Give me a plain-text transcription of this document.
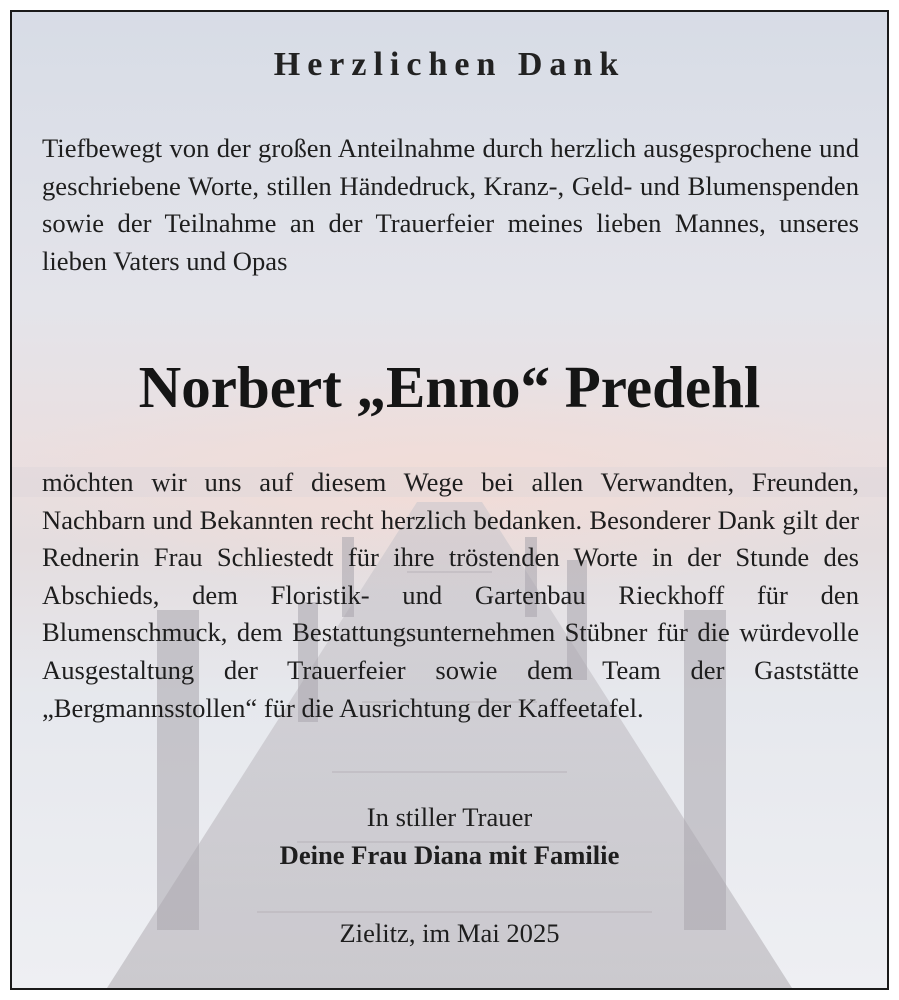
Herzlichen Dank
Tiefbewegt von der großen Anteilnahme durch herzlich ausgesprochene und geschriebene Worte, stillen Händedruck, Kranz-, Geld- und Blumenspenden sowie der Teilnahme an der Trauerfeier meines lieben Mannes, unseres lieben Vaters und Opas
Norbert „Enno“ Predehl
möchten wir uns auf diesem Wege bei allen Verwandten, Freunden, Nachbarn und Bekannten recht herzlich bedanken. Besonderer Dank gilt der Rednerin Frau Schliestedt für ihre tröstenden Worte in der Stunde des Abschieds, dem Floristik- und Gartenbau Rieckhoff für den Blumenschmuck, dem Bestattungsunternehmen Stübner für die würdevolle Ausgestaltung der Trauerfeier sowie dem Team der Gaststätte „Bergmannsstollen“ für die Ausrichtung der Kaffeetafel.
In stiller Trauer
Deine Frau Diana mit Familie
Zielitz, im Mai 2025
